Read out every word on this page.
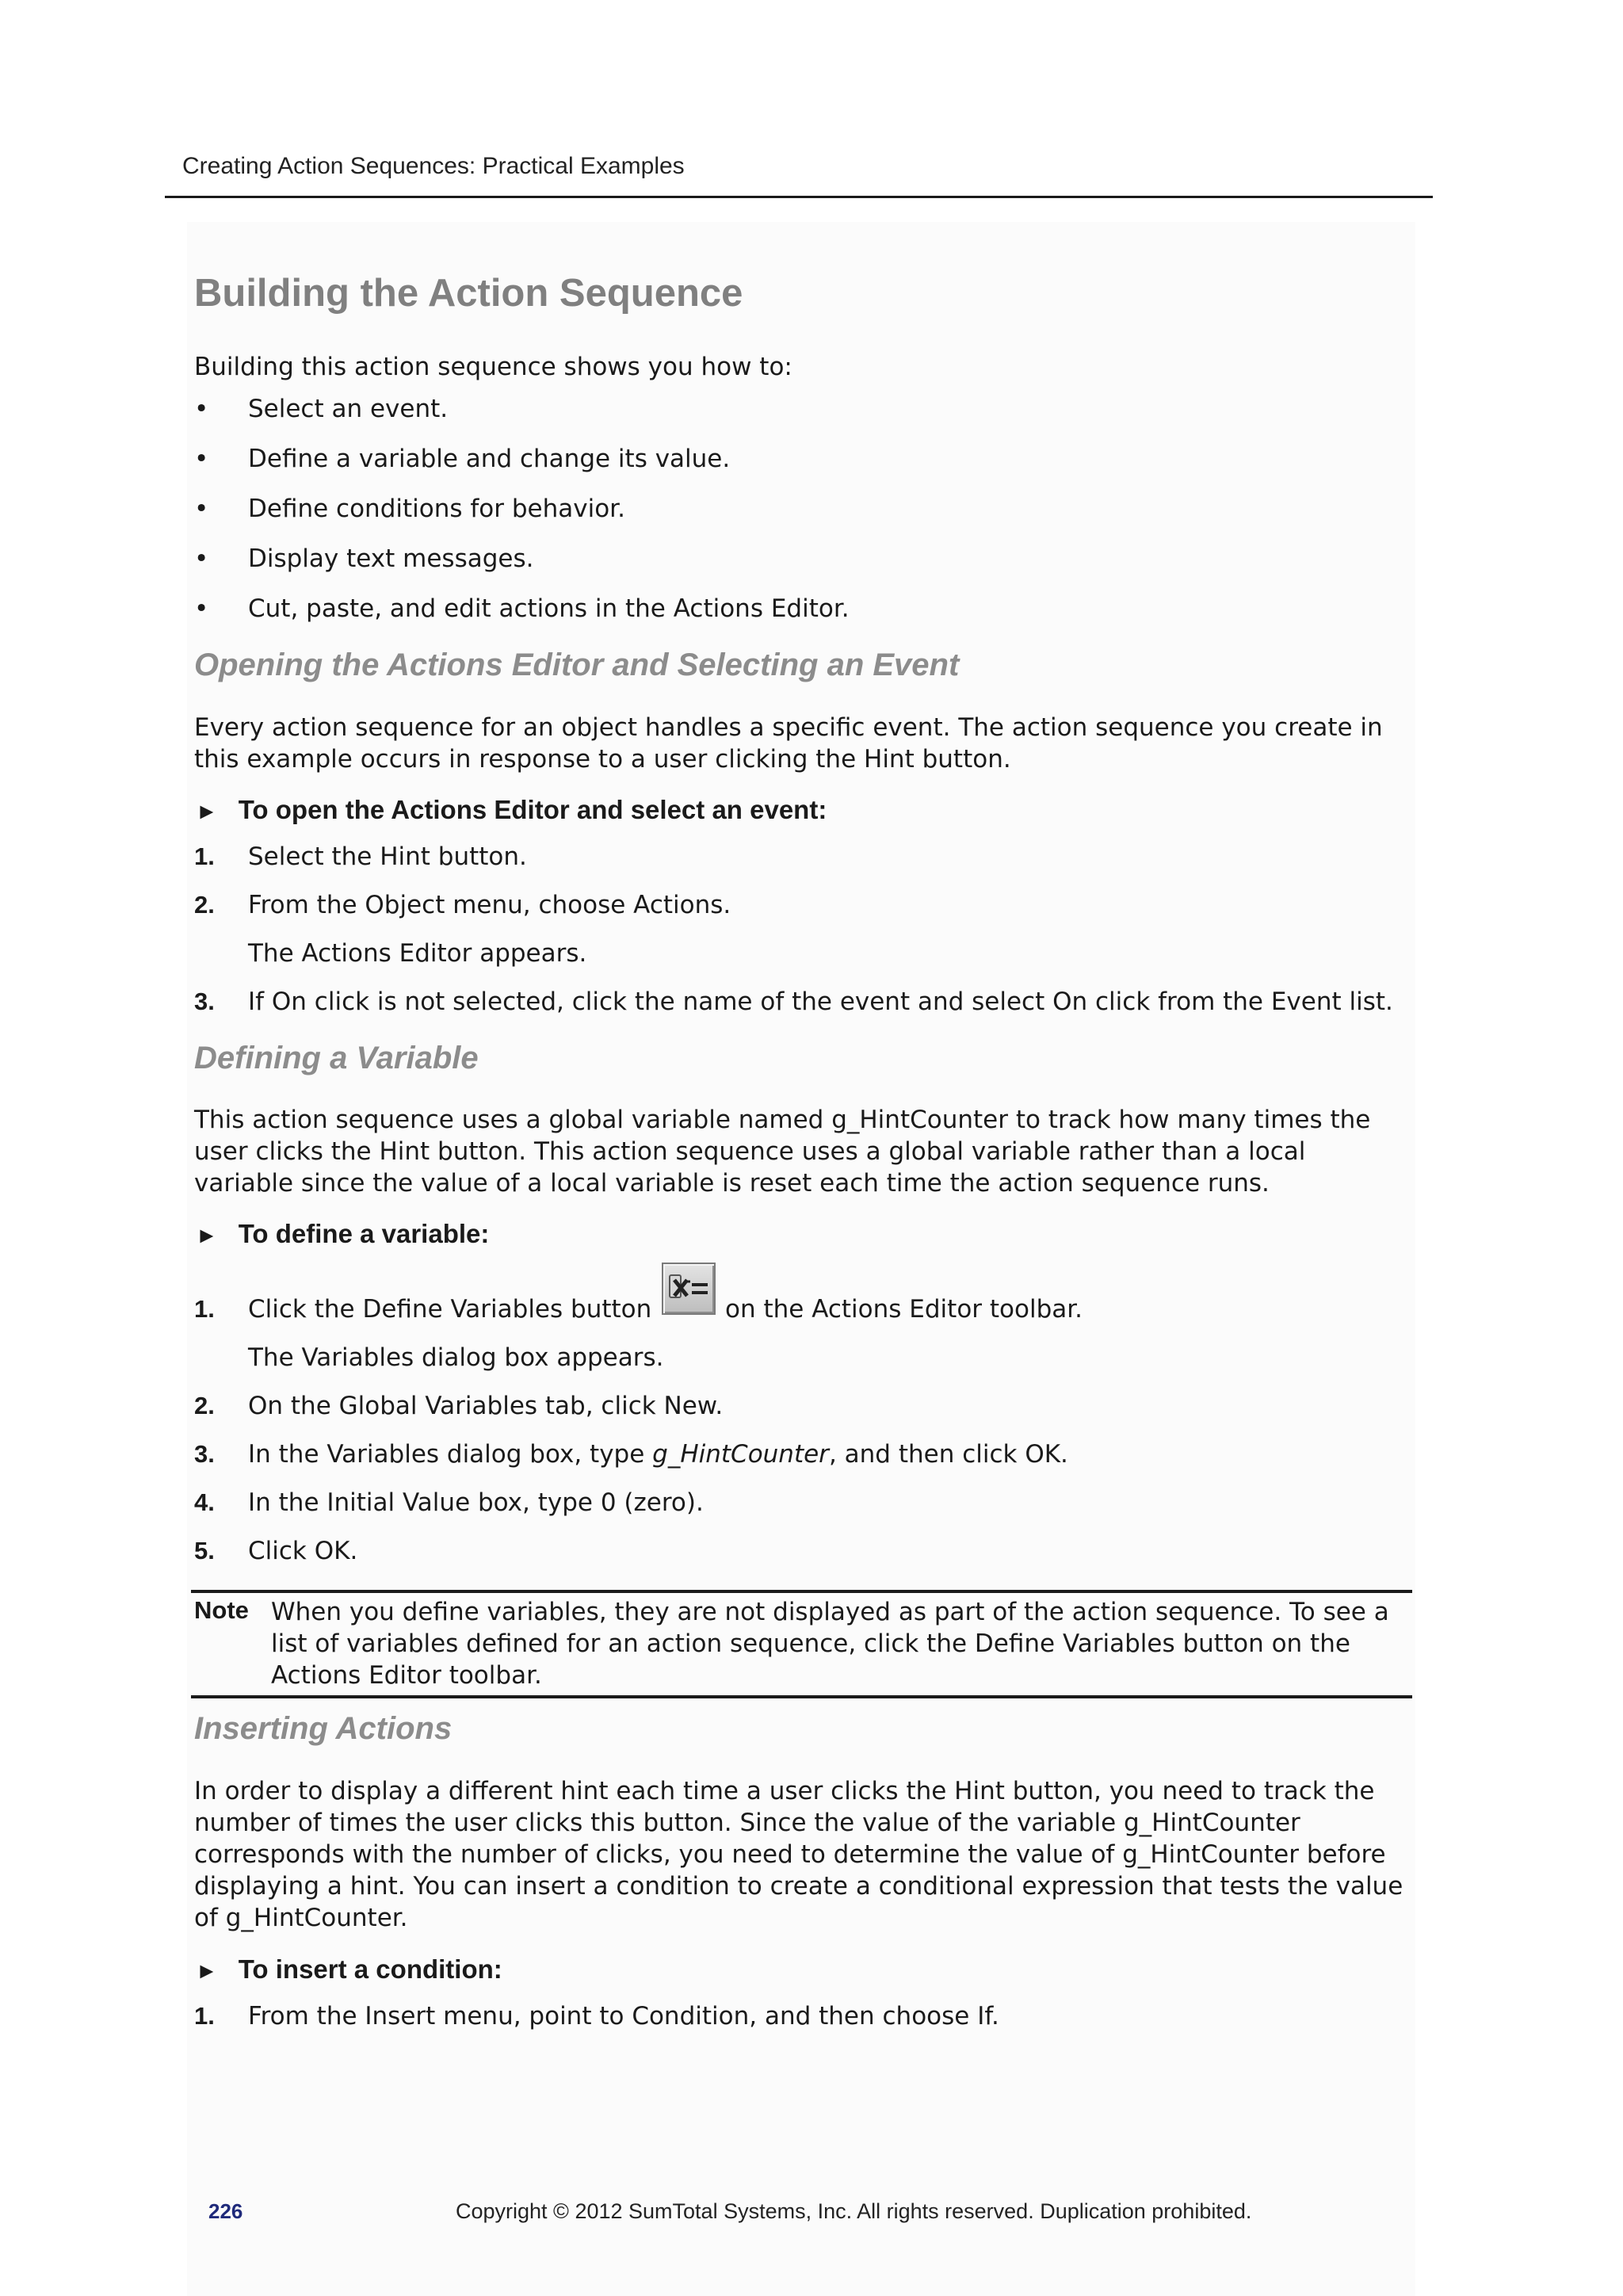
Creating Action Sequences: Practical Examples

Building the Action Sequence

Building this action sequence shows you how to:

• Select an event.
• Define a variable and change its value.
• Define conditions for behavior.
• Display text messages.
• Cut, paste, and edit actions in the Actions Editor.
Opening the Actions Editor and Selecting an Event

Every action sequence for an object handles a specific event. The action sequence you create in

this example occurs in response to a user clicking the Hint button.

► To open the Actions Editor and select an event:

1. Select the Hint button.
2. From the Object menu, choose Actions.
The Actions Editor appears.
3. If On click is not selected, click the name of the event and select On click from the Event list.
Defining a Variable

This action sequence uses a global variable named g_HintCounter to track how many times the

user clicks the Hint button. This action sequence uses a global variable rather than a local

variable since the value of a local variable is reset each time the action sequence runs.

► To define a variable:

1. Click the Define Variables button	on the Actions Editor toolbar.
The Variables dialog box appears.
2. On the Global Variables tab, click New.
3. In the Variables dialog box, type g_HintCounter, and then click OK.
4. In the Initial Value box, type 0 (zero).
5. Click OK.

Note When you define variables, they are not displayed as part of the action sequence. To see a
list of variables defined for an action sequence, click the Define Variables button on the
Actions Editor toolbar.
Inserting Actions

In order to display a different hint each time a user clicks the Hint button, you need to track the

number of times the user clicks this button. Since the value of the variable g_HintCounter

corresponds with the number of clicks, you need to determine the value of g_HintCounter before

displaying a hint. You can insert a condition to create a conditional expression that tests the value

of g_HintCounter.

► To insert a condition:

1. From the Insert menu, point to Condition, and then choose If.

226	Copyright © 2012 SumTotal Systems, Inc. All rights reserved. Duplication prohibited.
